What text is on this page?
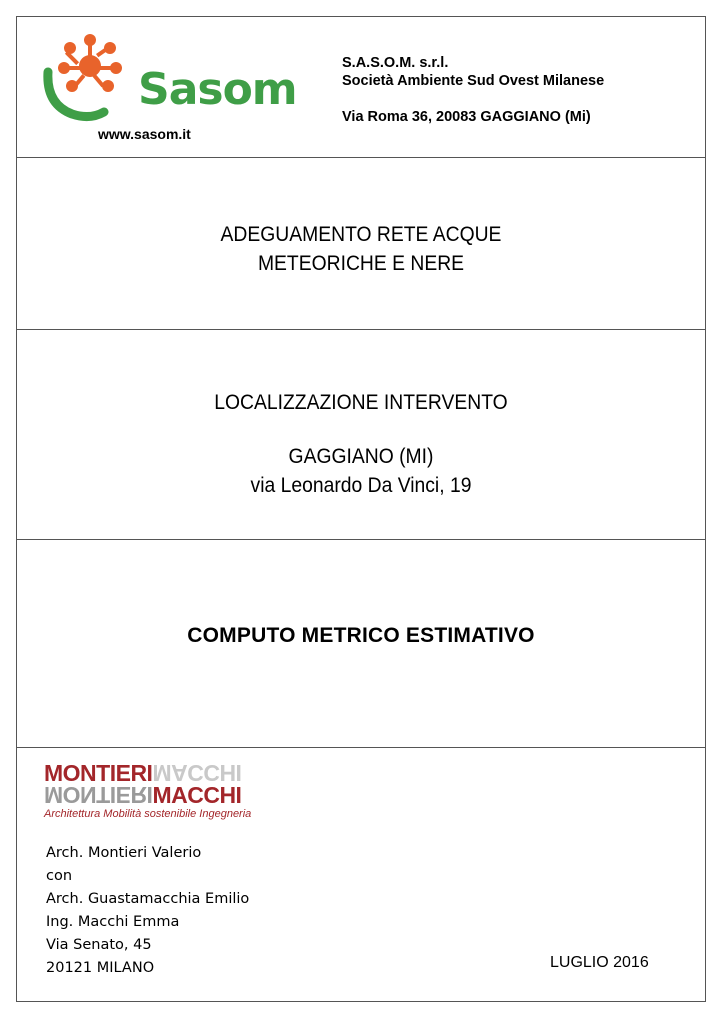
Sasom
www.sasom.it
S.A.S.O.M. s.r.l.
Società Ambiente Sud Ovest Milanese
Via Roma 36, 20083 GAGGIANO (Mi)
ADEGUAMENTO RETE ACQUE
METEORICHE E NERE
LOCALIZZAZIONE INTERVENTO
GAGGIANO (MI)
via Leonardo Da Vinci, 19
COMPUTO METRICO ESTIMATIVO
MONTIERIMACCHI
MONTIERIMACCHI
Architettura Mobilità sostenibile Ingegneria
Arch. Montieri Valerio
con
Arch. Guastamacchia Emilio
Ing. Macchi Emma
Via Senato, 45
20121 MILANO	LUGLIO 2016
